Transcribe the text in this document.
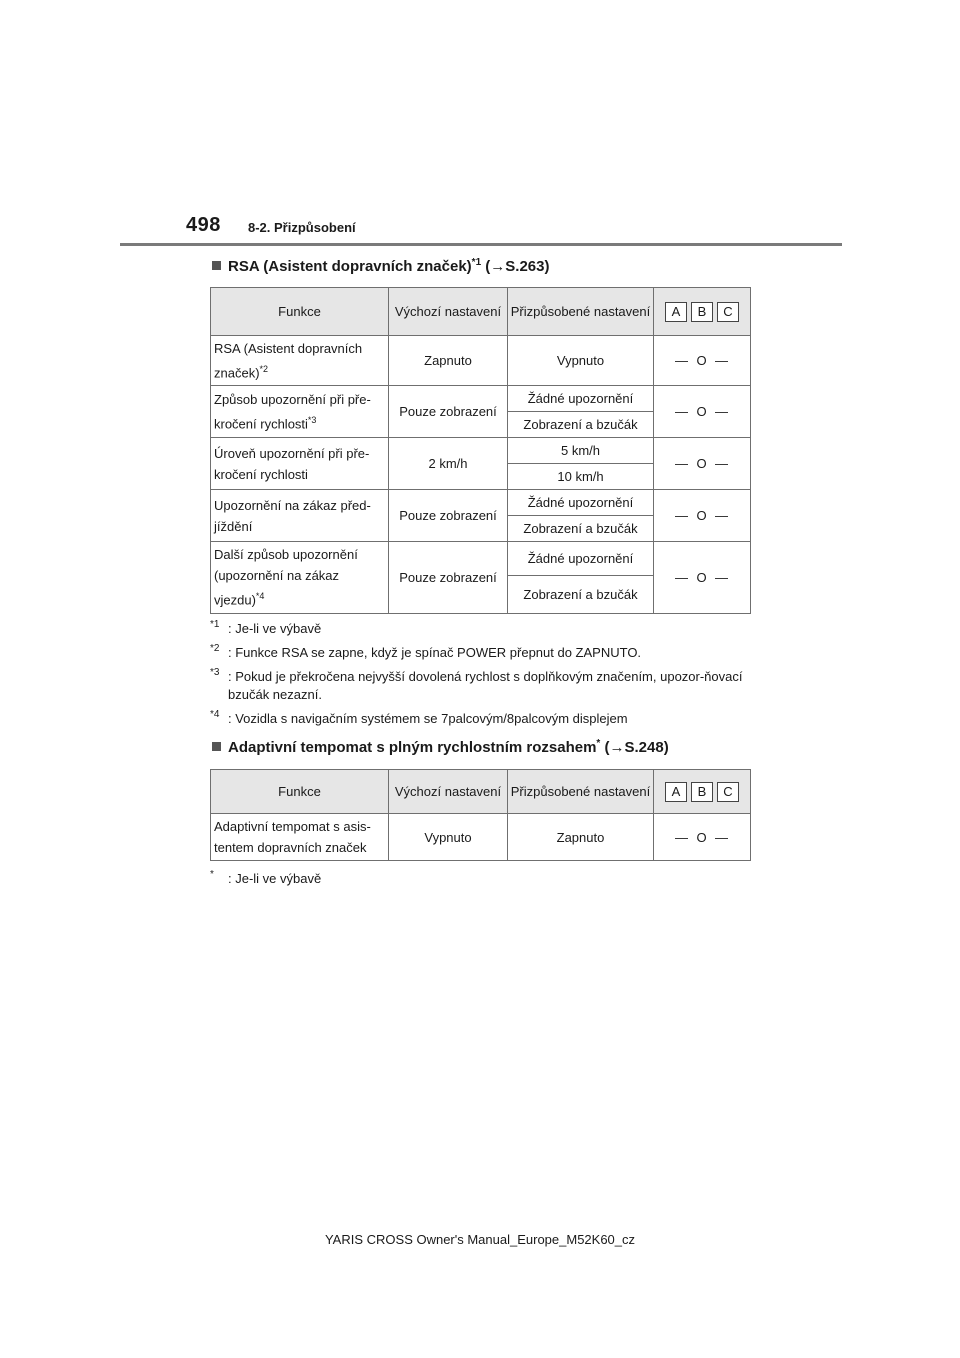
498 8-2. Přizpůsobení
RSA (Asistent dopravních značek)$^{*1}$ (→S.263)
Funkce	Výchozí nastavení	Přizpůsobené nastavení	A B C

RSA (Asistent dopravních značek)$^{*2}$	Zapnuto	Vypnuto	— O —
Způsob upozornění při pře-kročení rychlosti$^{*3}$	Pouze zobrazení	Žádné upozornění	— O —
		Zobrazení a bzučák	
Úroveň upozornění při pře-kročení rychlosti	2 km/h	5 km/h	— O —
		10 km/h	
Upozornění na zákaz před-jíždění	Pouze zobrazení	Žádné upozornění	— O —
		Zobrazení a bzučák	
Další způsob upozornění (upozornění na zákaz vjezdu)$^{*4}$	Pouze zobrazení	Žádné upozornění	— O —
		Zobrazení a bzučák	
*1 : Je-li ve výbavě
*2 : Funkce RSA se zapne, když je spínač POWER přepnut do ZAPNUTO.
*3 : Pokud je překročena nejvyšší dovolená rychlost s doplňkovým značením, upozor-ňovací bzučák nezazní.
*4 : Vozidla s navigačním systémem se 7palcovým/8palcovým displejem
Adaptivní tempomat s plným rychlostním rozsahem* (→S.248)
Funkce	Výchozí nastavení	Přizpůsobené nastavení	A B C

Adaptivní tempomat s asis-tentem dopravních značek	Vypnuto	Zapnuto	— O —
* : Je-li ve výbavě
YARIS CROSS Owner's Manual_Europe_M52K60_cz
